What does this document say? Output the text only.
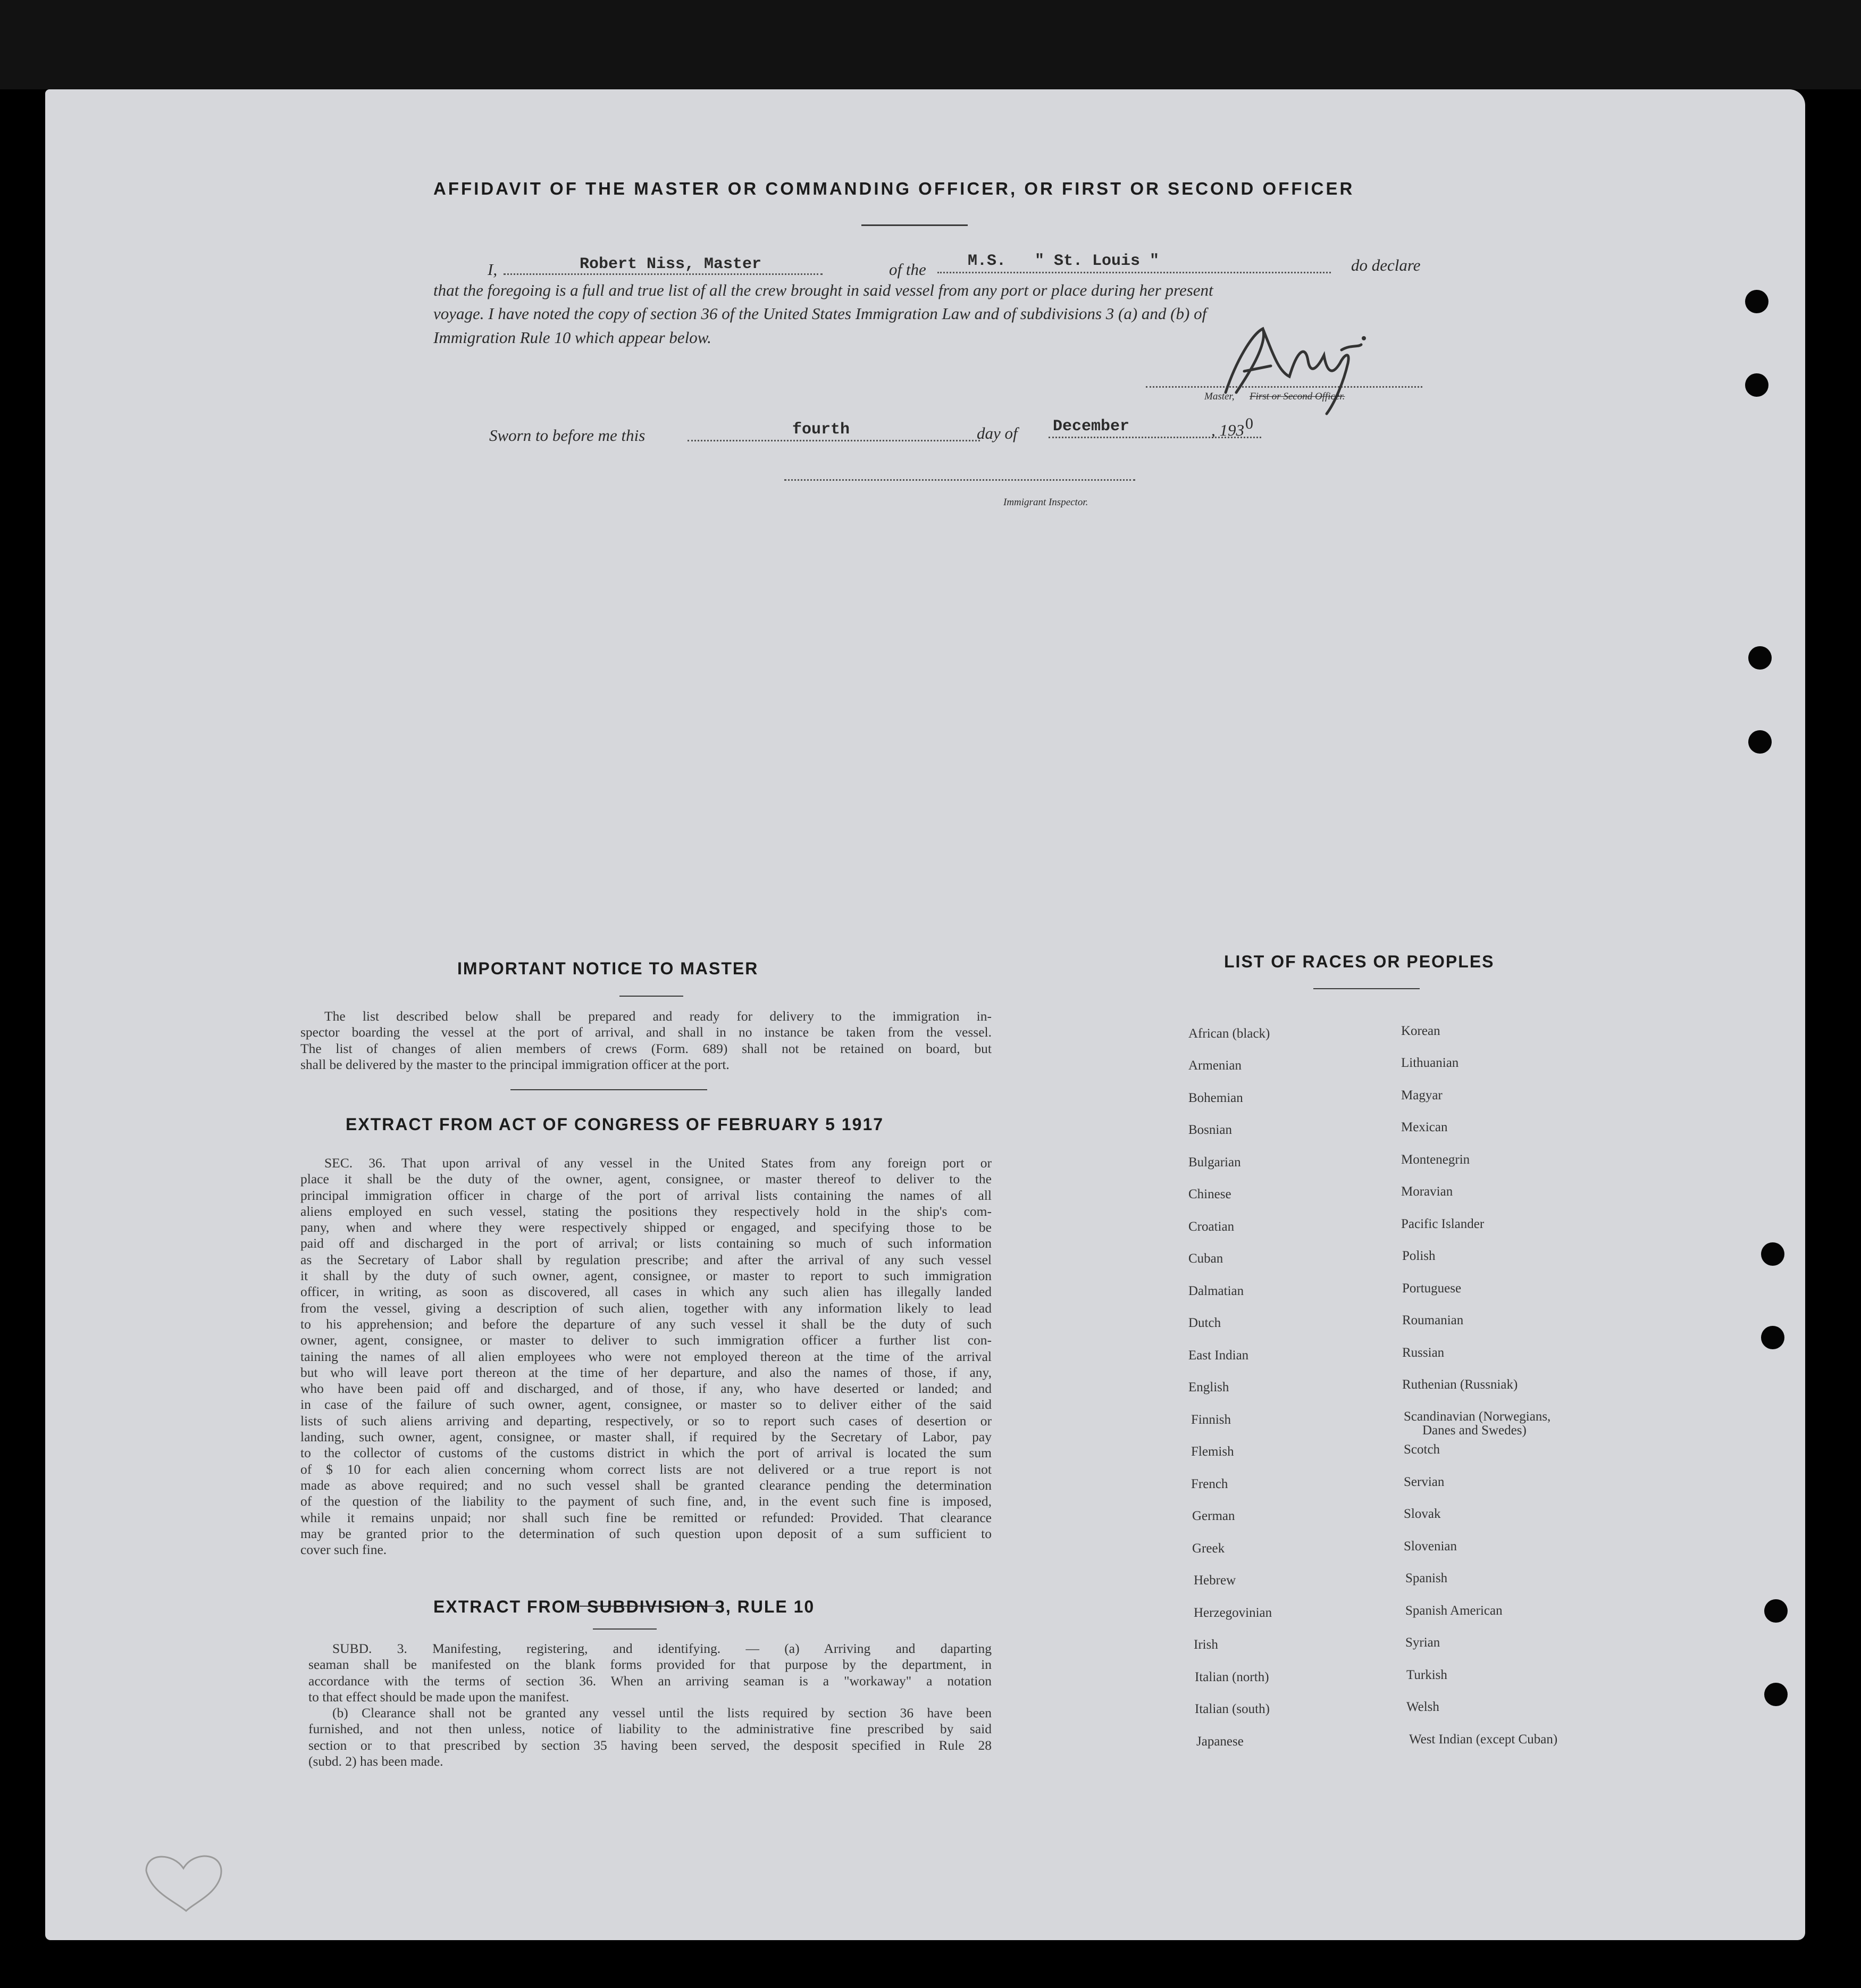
AFFIDAVIT OF THE MASTER OR COMMANDING OFFICER, OR FIRST OR SECOND OFFICER
I,	Robert Niss, Master	of the	M.S.   " St. Louis "	do declare
that the foregoing is a full and true list of all the crew brought in said vessel from any port or place during her present
voyage. I have noted the copy of section 36 of the United States Immigration Law and of subdivisions 3 (a) and (b) of
Immigration Rule 10 which appear below.
Master, First or Second Officer.
Sworn to before me this	fourth	day of December	, 193 0
Immigrant Inspector.
IMPORTANT NOTICE TO MASTER
The list described below shall be prepared and ready for delivery to the immigration in-
spector boarding the vessel at the port of arrival, and shall in no instance be taken from the vessel.
The list of changes of alien members of crews (Form. 689) shall not be retained on board, but
shall be delivered by the master to the principal immigration officer at the port.
EXTRACT FROM ACT OF CONGRESS OF FEBRUARY 5 1917
SEC. 36. That upon arrival of any vessel in the United States from any foreign port or
place it shall be the duty of the owner, agent, consignee, or master thereof to deliver to the
principal immigration officer in charge of the port of arrival lists containing the names of all
aliens employed en such vessel, stating the positions they respectively hold in the ship's com-
pany, when and where they were respectively shipped or engaged, and specifying those to be
paid off and discharged in the port of arrival; or lists containing so much of such information
as the Secretary of Labor shall by regulation prescribe; and after the arrival of any such vessel
it shall by the duty of such owner, agent, consignee, or master to report to such immigration
officer, in writing, as soon as discovered, all cases in which any such alien has illegally landed
from the vessel, giving a description of such alien, together with any information likely to lead
to his apprehension; and before the departure of any such vessel it shall be the duty of such
owner, agent, consignee, or master to deliver to such immigration officer a further list con-
taining the names of all alien employees who were not employed thereon at the time of the arrival
but who will leave port thereon at the time of her departure, and also the names of those, if any,
who have been paid off and discharged, and of those, if any, who have deserted or landed; and
in case of the failure of such owner, agent, consignee, or master so to deliver either of the said
lists of such aliens arriving and departing, respectively, or so to report such cases of desertion or
landing, such owner, agent, consignee, or master shall, if required by the Secretary of Labor, pay
to the collector of customs of the customs district in which the port of arrival is located the sum
of $ 10 for each alien concerning whom correct lists are not delivered or a true report is not
made as above required; and no such vessel shall be granted clearance pending the determination
of the question of the liability to the payment of such fine, and, in the event such fine is imposed,
while it remains unpaid; nor shall such fine be remitted or refunded: Provided. That clearance
may be granted prior to the determination of such question upon deposit of a sum sufficient to
cover such fine.
EXTRACT FROM SUBDIVISION 3, RULE 10
SUBD. 3. Manifesting, registering, and identifying. — (a) Arriving and daparting
seaman shall be manifested on the blank forms provided for that purpose by the department, in
accordance with the terms of section 36. When an arriving seaman is a "workaway" a notation
to that effect should be made upon the manifest.
(b) Clearance shall not be granted any vessel until the lists required by section 36 have been
furnished, and not then unless, notice of liability to the administrative fine prescribed by said
section or to that prescribed by section 35 having been served, the desposit specified in Rule 28
(subd. 2) has been made.
LIST OF RACES OR PEOPLES
African (black)
Armenian
Bohemian
Bosnian
Bulgarian
Chinese
Croatian
Cuban
Dalmatian
Dutch
East Indian
English
Finnish
Flemish
French
German
Greek
Hebrew
Herzegovinian
Irish
Italian (north)
Italian (south)
Japanese
Korean
Lithuanian
Magyar
Mexican
Montenegrin
Moravian
Pacific Islander
Polish
Portuguese
Roumanian
Russian
Ruthenian (Russniak)
Scandinavian (Norwegians,
Danes and Swedes)
Scotch
Servian
Slovak
Slovenian
Spanish
Spanish American
Syrian
Turkish
Welsh
West Indian (except Cuban)
